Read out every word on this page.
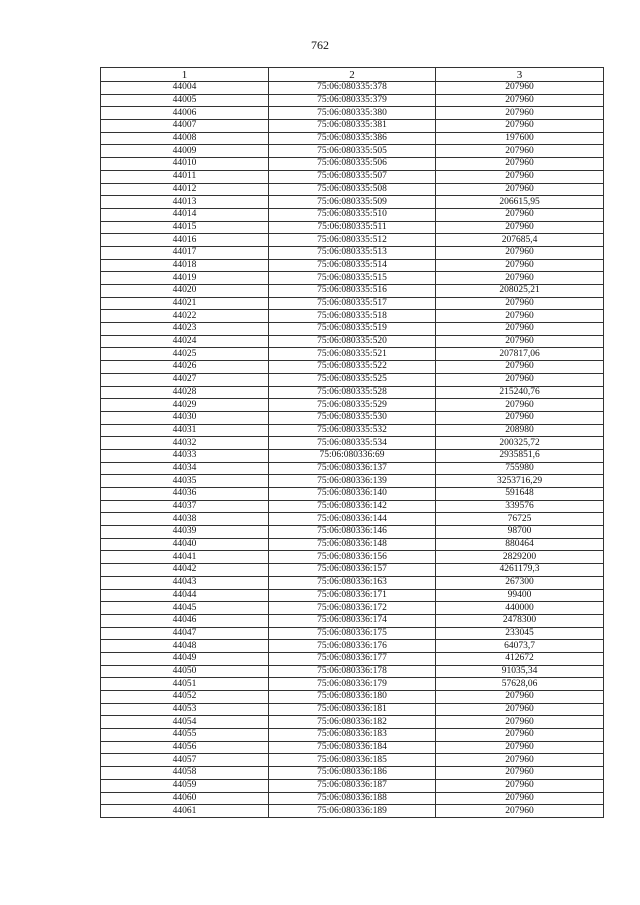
762
1	2	3
44004	75:06:080335:378	207960
44005	75:06:080335:379	207960
44006	75:06:080335:380	207960
44007	75:06:080335:381	207960
44008	75:06:080335:386	197600
44009	75:06:080335:505	207960
44010	75:06:080335:506	207960
44011	75:06:080335:507	207960
44012	75:06:080335:508	207960
44013	75:06:080335:509	206615,95
44014	75:06:080335:510	207960
44015	75:06:080335:511	207960
44016	75:06:080335:512	207685,4
44017	75:06:080335:513	207960
44018	75:06:080335:514	207960
44019	75:06:080335:515	207960
44020	75:06:080335:516	208025,21
44021	75:06:080335:517	207960
44022	75:06:080335:518	207960
44023	75:06:080335:519	207960
44024	75:06:080335:520	207960
44025	75:06:080335:521	207817,06
44026	75:06:080335:522	207960
44027	75:06:080335:525	207960
44028	75:06:080335:528	215240,76
44029	75:06:080335:529	207960
44030	75:06:080335:530	207960
44031	75:06:080335:532	208980
44032	75:06:080335:534	200325,72
44033	75:06:080336:69	2935851,6
44034	75:06:080336:137	755980
44035	75:06:080336:139	3253716,29
44036	75:06:080336:140	591648
44037	75:06:080336:142	339576
44038	75:06:080336:144	76725
44039	75:06:080336:146	98700
44040	75:06:080336:148	880464
44041	75:06:080336:156	2829200
44042	75:06:080336:157	4261179,3
44043	75:06:080336:163	267300
44044	75:06:080336:171	99400
44045	75:06:080336:172	440000
44046	75:06:080336:174	2478300
44047	75:06:080336:175	233045
44048	75:06:080336:176	64073,7
44049	75:06:080336:177	412672
44050	75:06:080336:178	91035,34
44051	75:06:080336:179	57628,06
44052	75:06:080336:180	207960
44053	75:06:080336:181	207960
44054	75:06:080336:182	207960
44055	75:06:080336:183	207960
44056	75:06:080336:184	207960
44057	75:06:080336:185	207960
44058	75:06:080336:186	207960
44059	75:06:080336:187	207960
44060	75:06:080336:188	207960
44061	75:06:080336:189	207960
